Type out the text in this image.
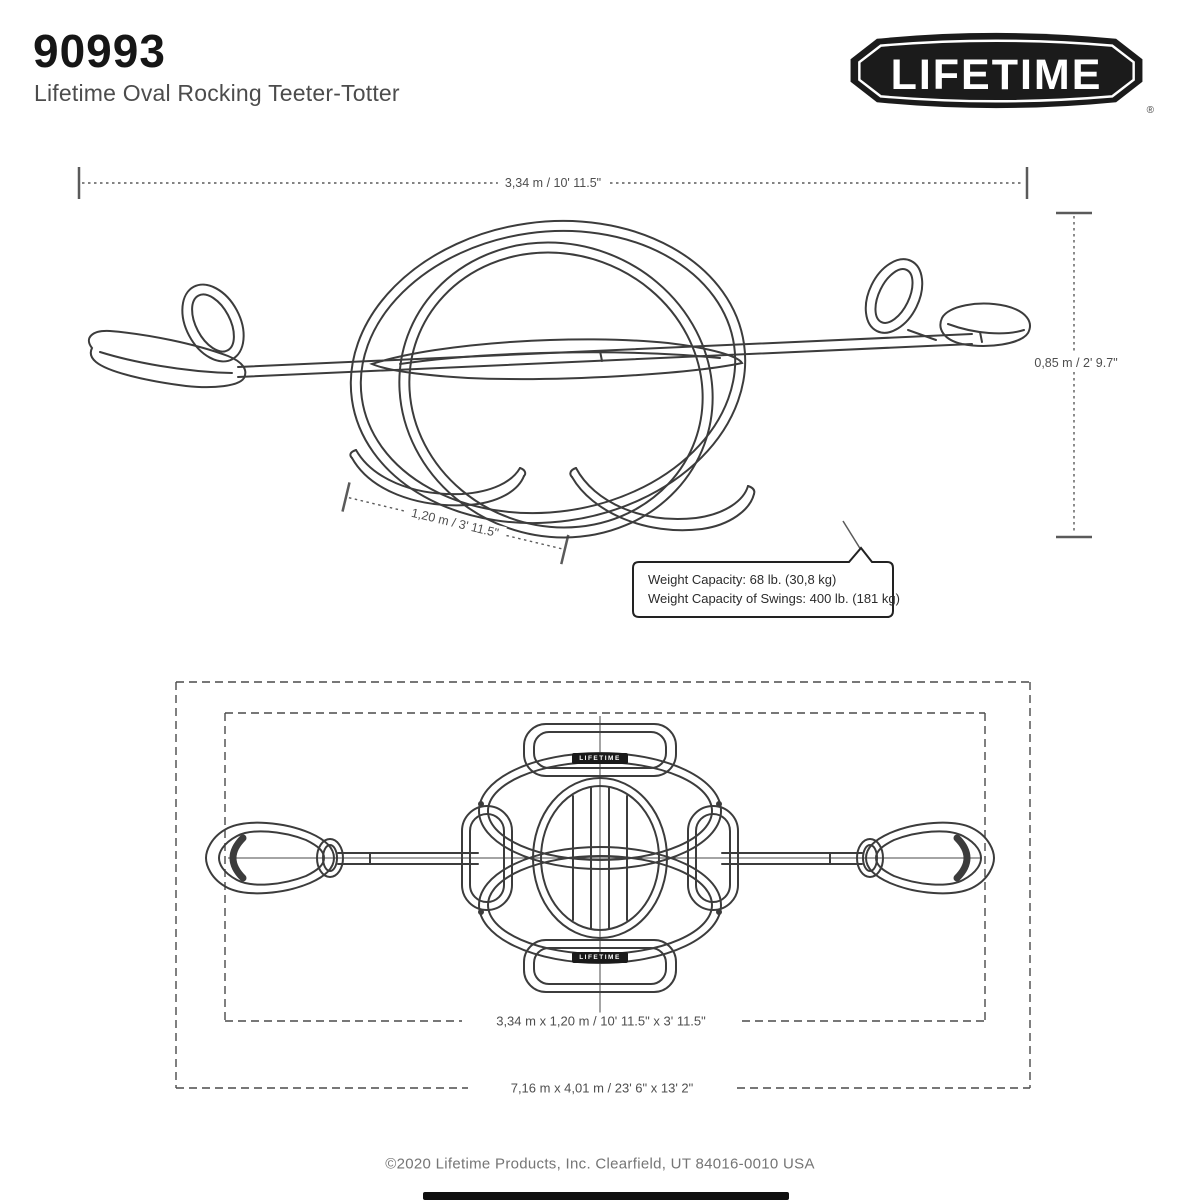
90993
Lifetime Oval Rocking Teeter-Totter	LIFETIME
®
3,34 m / 10' 11.5"
0,85 m / 2' 9.7"
1,20 m / 3' 11.5"
Weight Capacity: 68 lb. (30,8 kg)
Weight Capacity of Swings: 400 lb. (181 kg)
LIFETIME
LIFETIME
3,34 m x 1,20 m / 10' 11.5" x 3' 11.5"
7,16 m x 4,01 m / 23' 6" x 13' 2"
©2020 Lifetime Products, Inc. Clearfield, UT 84016-0010 USA
